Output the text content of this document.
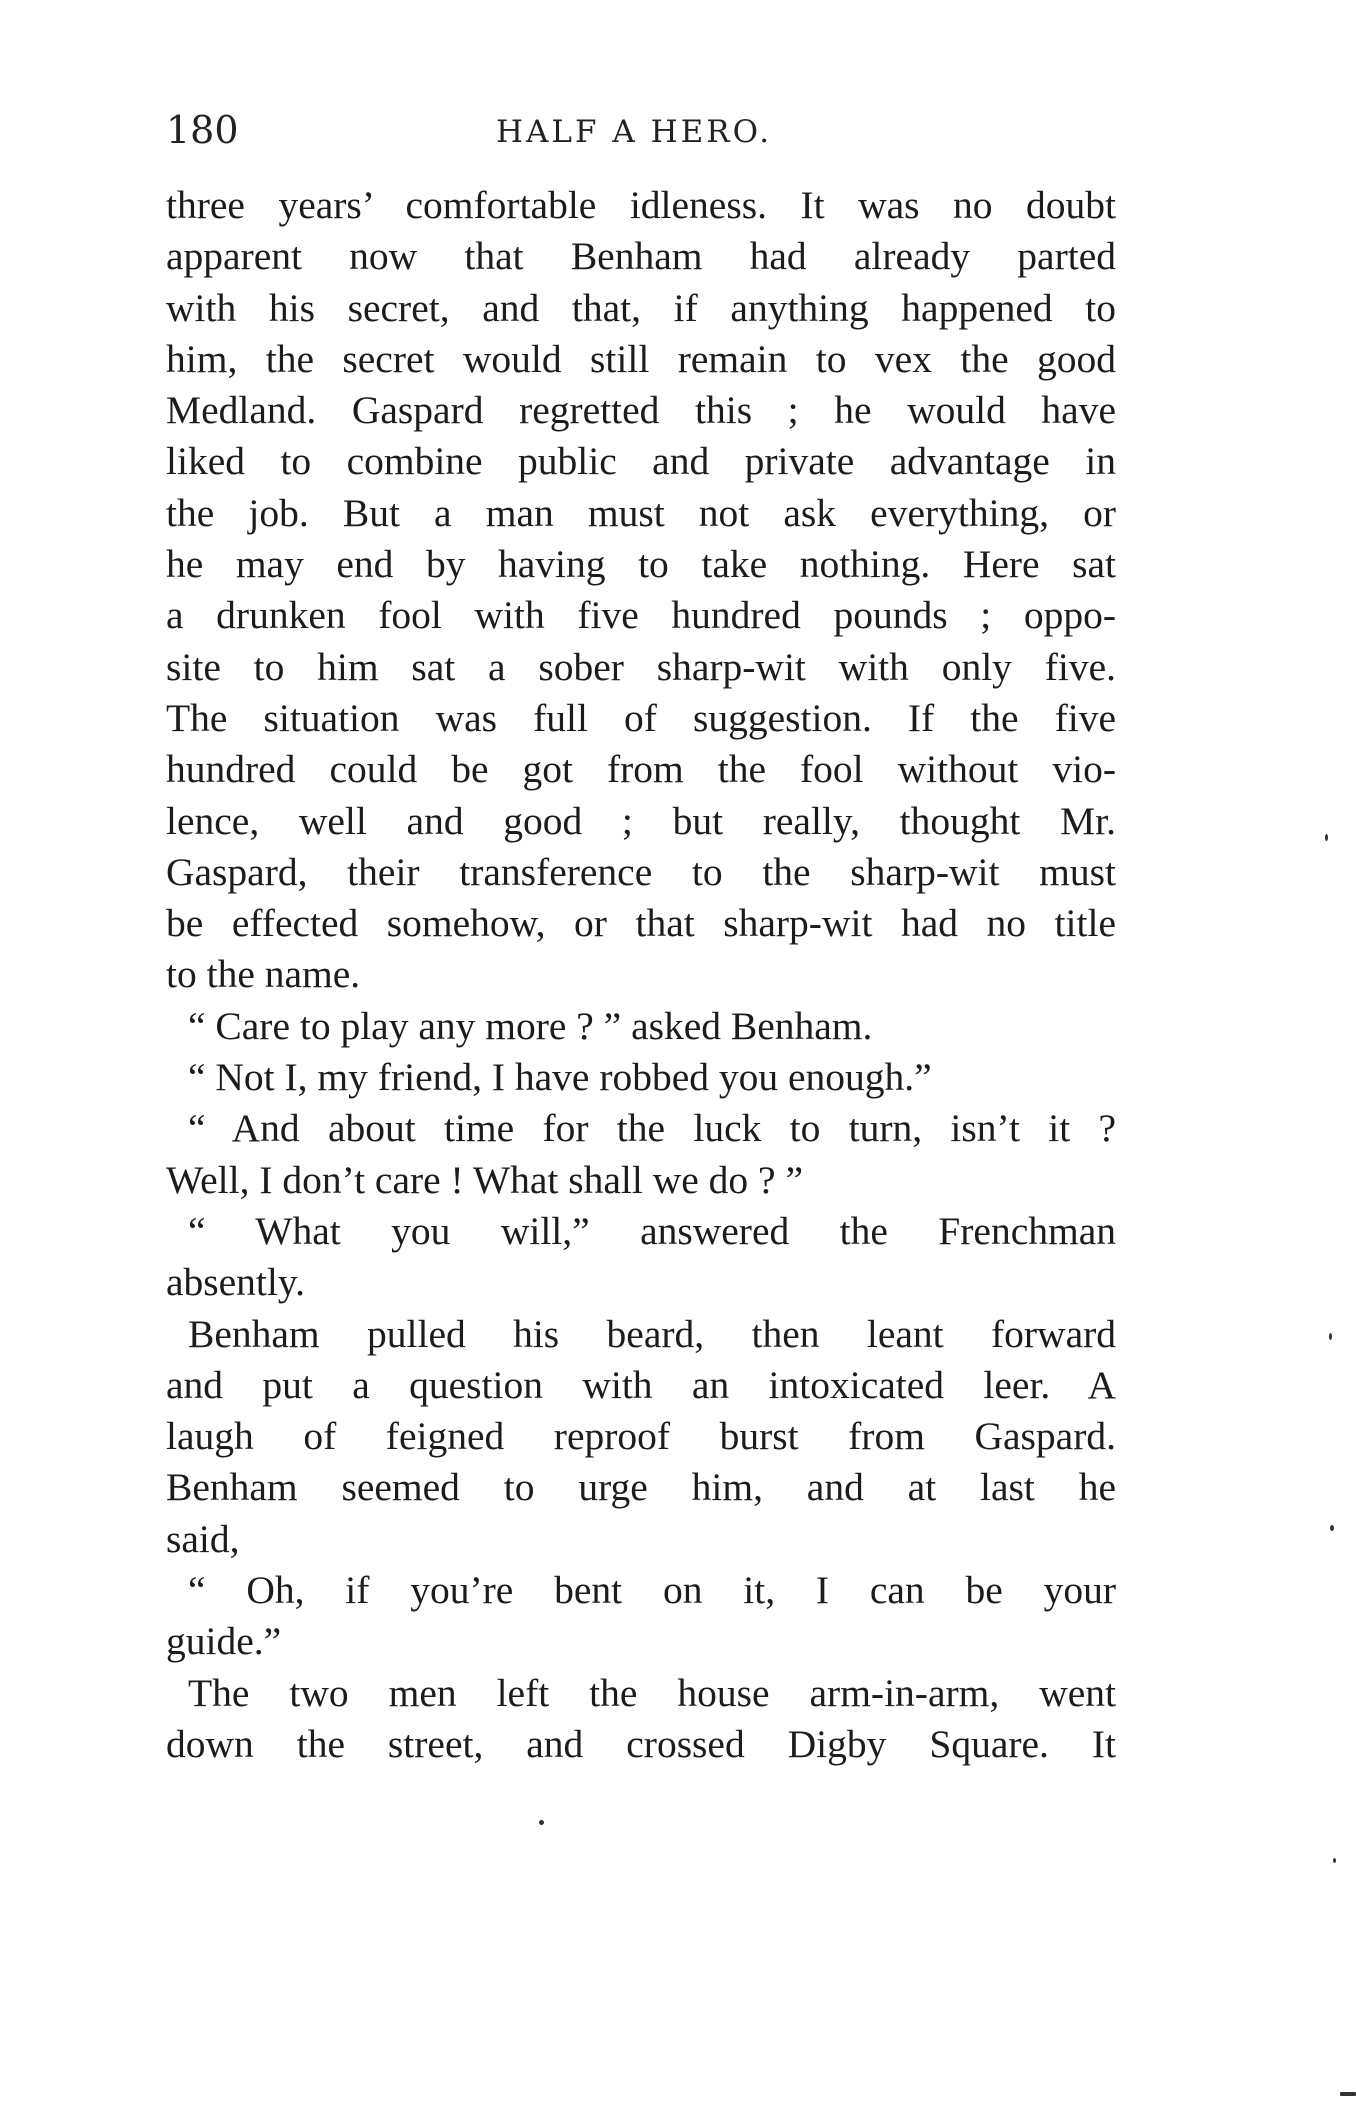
180	HALF A HERO.

three years’ comfortable idleness. It was no doubt
apparent now that Benham had already parted
with his secret, and that, if anything happened to
him, the secret would still remain to vex the good
Medland. Gaspard regretted this ; he would have
liked to combine public and private advantage in
the job. But a man must not ask everything, or
he may end by having to take nothing. Here sat
a drunken fool with five hundred pounds ; oppo-
site to him sat a sober sharp-wit with only five.
The situation was full of suggestion. If the five
hundred could be got from the fool without vio-
lence, well and good ; but really, thought Mr.
Gaspard, their transference to the sharp-wit must
be effected somehow, or that sharp-wit had no title
to the name.

“ Care to play any more ? ” asked Benham.

“ Not I, my friend, I have robbed you enough.”

“ And about time for the luck to turn, isn’t it ?
Well, I don’t care ! What shall we do ? ”

“ What you will,” answered the Frenchman
absently.

Benham pulled his beard, then leant forward
and put a question with an intoxicated leer. A
laugh of feigned reproof burst from Gaspard.
Benham seemed to urge him, and at last he
said,

“ Oh, if you’re bent on it, I can be your
guide.”

The two men left the house arm-in-arm, went
down the street, and crossed Digby Square. It
